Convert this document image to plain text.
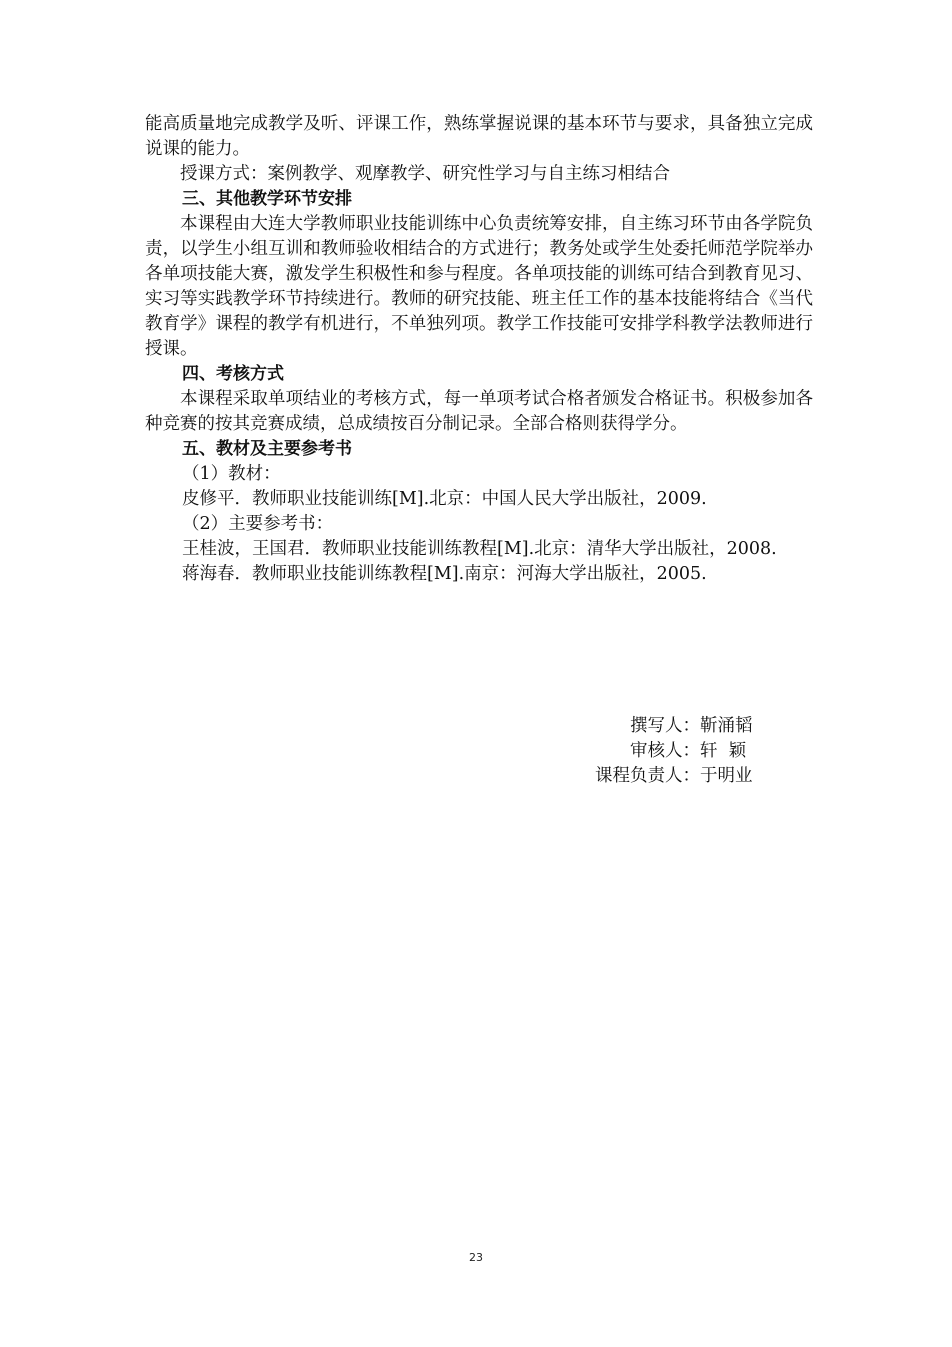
能高质量地完成教学及听、评课工作，熟练掌握说课的基本环节与要求，具备独立完成说课的能力。

授课方式：案例教学、观摩教学、研究性学习与自主练习相结合

三、其他教学环节安排

本课程由大连大学教师职业技能训练中心负责统筹安排，自主练习环节由各学院负责，以学生小组互训和教师验收相结合的方式进行；教务处或学生处委托师范学院举办各单项技能大赛，激发学生积极性和参与程度。各单项技能的训练可结合到教育见习、实习等实践教学环节持续进行。教师的研究技能、班主任工作的基本技能将结合《当代教育学》课程的教学有机进行，不单独列项。教学工作技能可安排学科教学法教师进行授课。

四、考核方式

本课程采取单项结业的考核方式，每一单项考试合格者颁发合格证书。积极参加各种竞赛的按其竞赛成绩，总成绩按百分制记录。全部合格则获得学分。

五、教材及主要参考书

（1）教材：

皮修平．教师职业技能训练[M].北京：中国人民大学出版社，2009.

（2）主要参考书：

王桂波，王国君．教师职业技能训练教程[M].北京：清华大学出版社，2008.

蒋海春．教师职业技能训练教程[M].南京：河海大学出版社，2005.

撰写人： 靳涌韬
审核人： 轩  颖
课程负责人： 于明业
23
